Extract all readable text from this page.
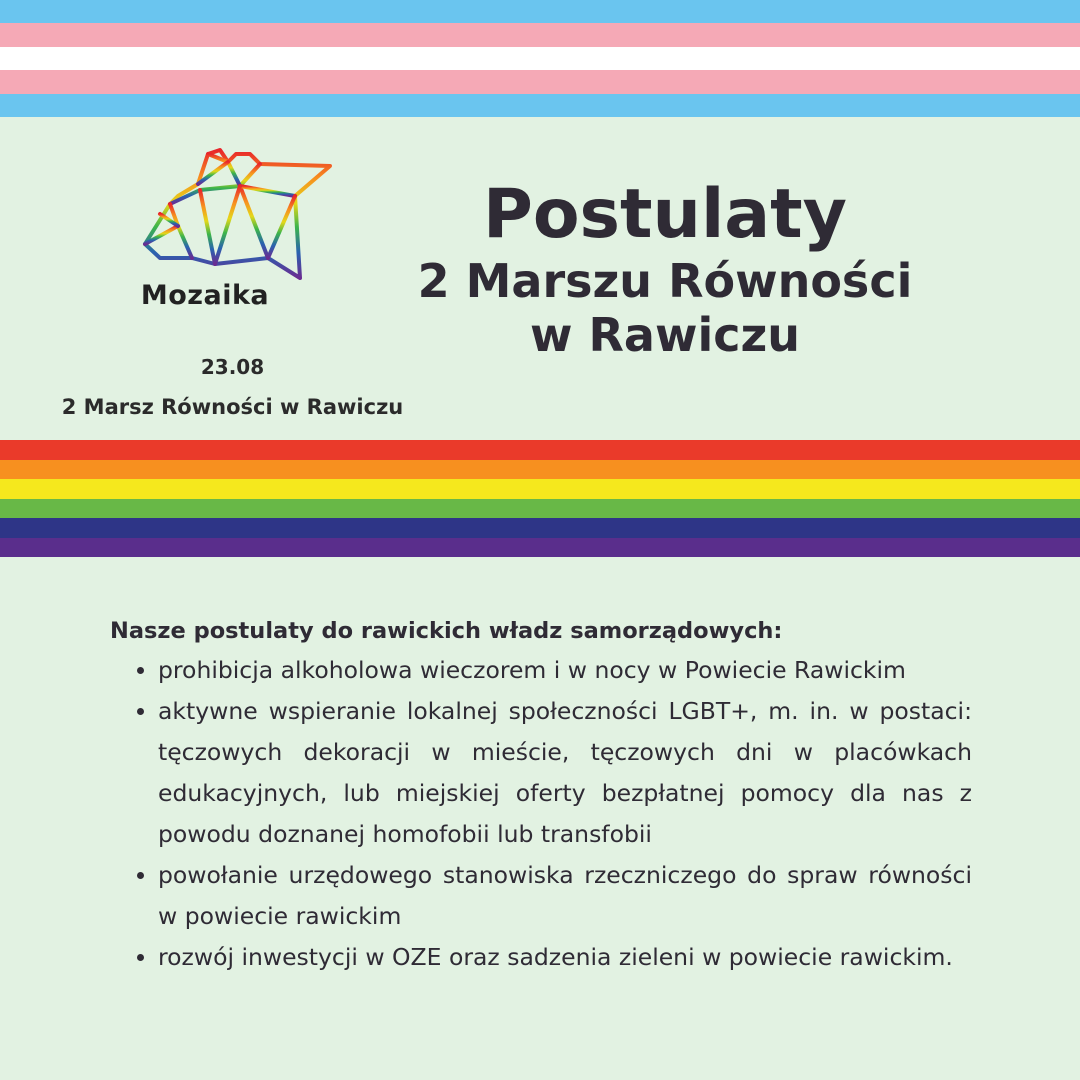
Mozaika
23.08
2 Marsz Równości w Rawiczu
Postulaty
2 Marszu Równości
w Rawiczu
Nasze postulaty do rawickich władz samorządowych:
prohibicja alkoholowa wieczorem i w nocy w Powiecie Rawickim
aktywne wspieranie lokalnej społeczności LGBT+, m. in. w postaci: tęczowych dekoracji w mieście, tęczowych dni w placówkach edukacyjnych, lub miejskiej oferty bezpłatnej pomocy dla nas z powodu doznanej homofobii lub transfobii
powołanie urzędowego stanowiska rzeczniczego do spraw równości w powiecie rawickim
rozwój inwestycji w OZE oraz sadzenia zieleni w powiecie rawickim.
